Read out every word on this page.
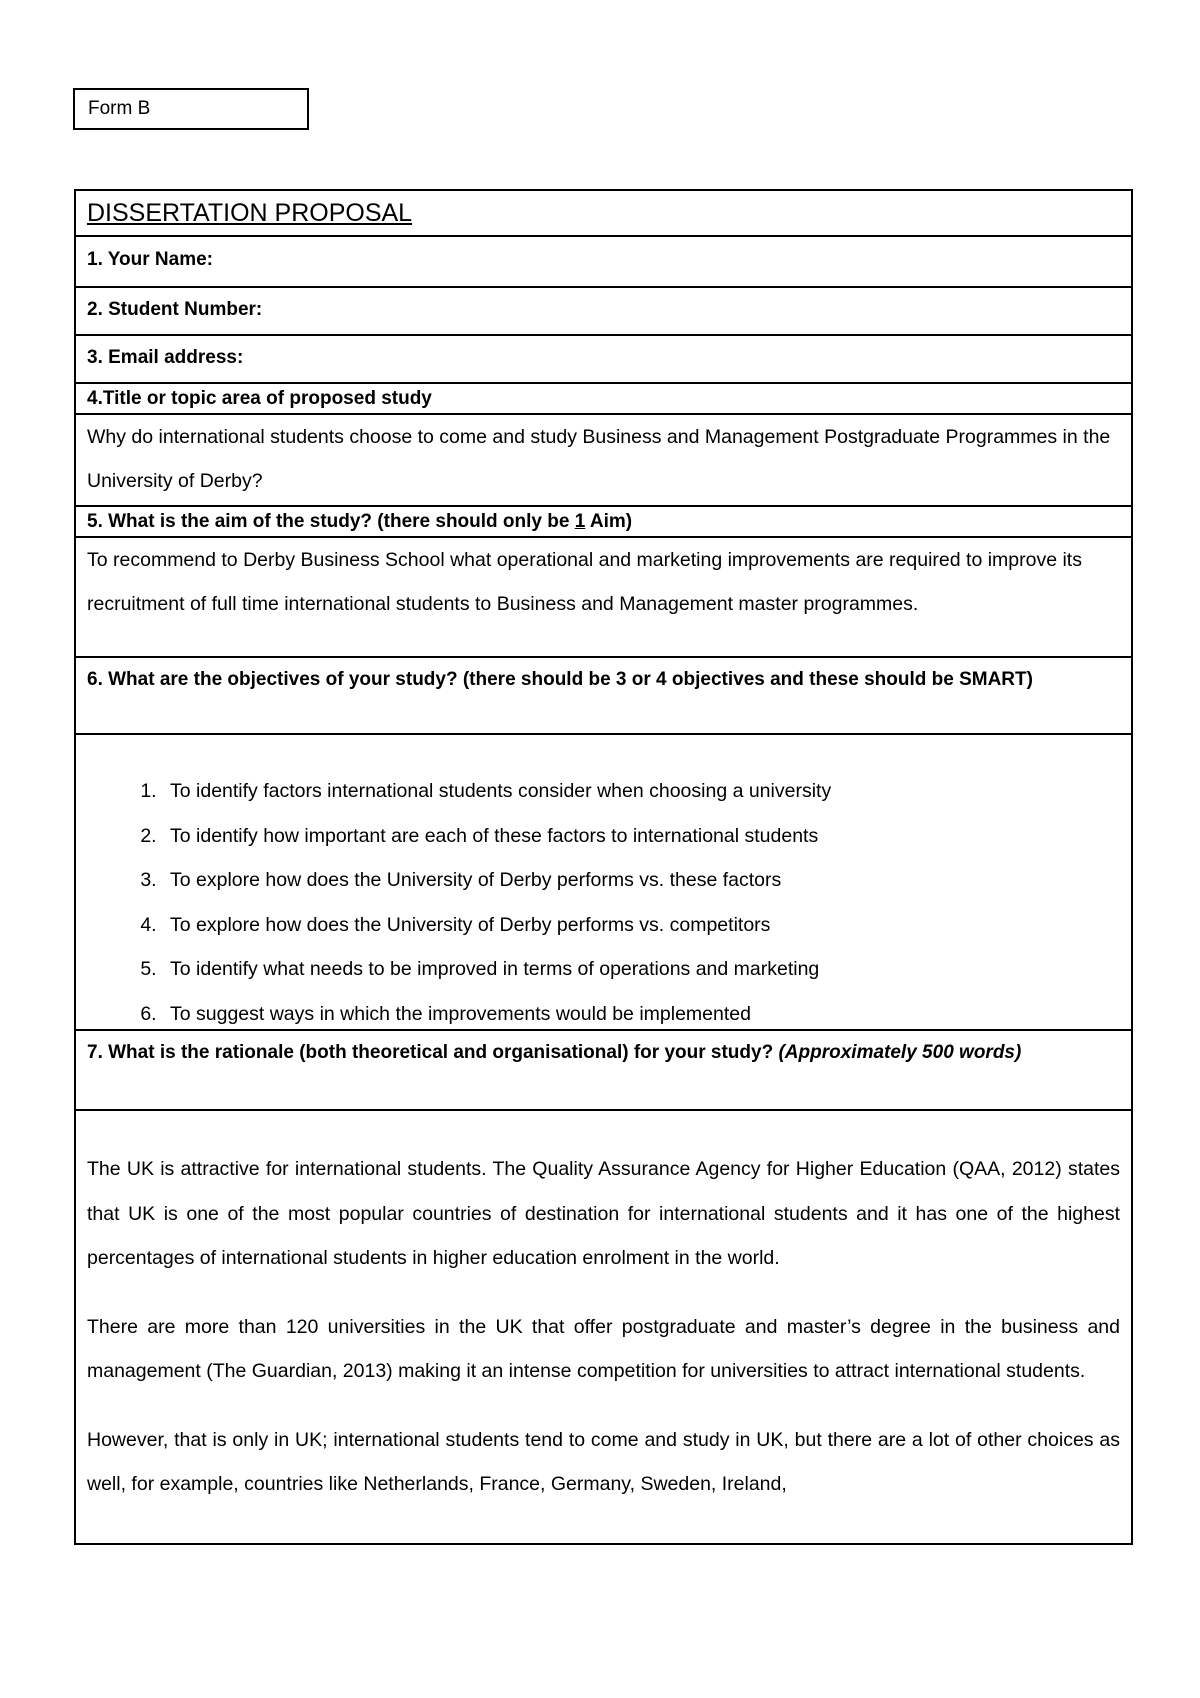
Form B
DISSERTATION PROPOSAL
1. Your Name:
2. Student Number:
3. Email address:
4.Title or topic area of proposed study
Why do international students choose to come and study Business and Management Postgraduate Programmes in the University of Derby?
5. What is the aim of the study? (there should only be 1 Aim)
To recommend to Derby Business School what operational and marketing improvements are required to improve its recruitment of full time international students to Business and Management master programmes.
6. What are the objectives of your study? (there should be 3 or 4 objectives and these should be SMART)
1. To identify factors international students consider when choosing a university
2. To identify how important are each of these factors to international students
3. To explore how does the University of Derby performs vs. these factors
4. To explore how does the University of Derby performs vs. competitors
5. To identify what needs to be improved in terms of operations and marketing
6. To suggest ways in which the improvements would be implemented
7. What is the rationale (both theoretical and organisational) for your study? (Approximately 500 words)

The UK is attractive for international students. The Quality Assurance Agency for Higher Education (QAA, 2012) states that UK is one of the most popular countries of destination for international students and it has one of the highest percentages of international students in higher education enrolment in the world.

There are more than 120 universities in the UK that offer postgraduate and master’s degree in the business and management (The Guardian, 2013) making it an intense competition for universities to attract international students.

However, that is only in UK; international students tend to come and study in UK, but there are a lot of other choices as well, for example, countries like Netherlands, France, Germany, Sweden, Ireland,
